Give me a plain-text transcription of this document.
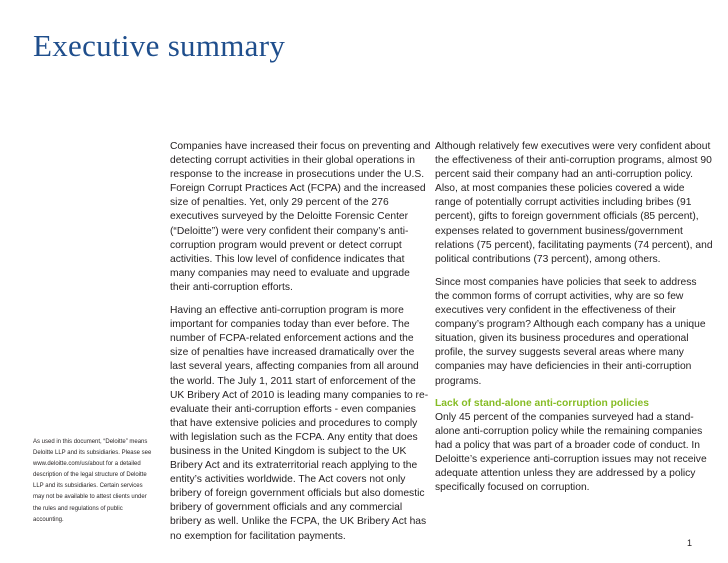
Executive summary

Companies have increased their focus on preventing and detecting corrupt activities in their global operations in response to the increase in prosecutions under the U.S. Foreign Corrupt Practices Act (FCPA) and the increased size of penalties. Yet, only 29 percent of the 276 executives surveyed by the Deloitte Forensic Center (“Deloitte”) were very confident their company’s anti-corruption program would prevent or detect corrupt activities. This low level of confidence indicates that many companies may need to evaluate and upgrade their anti-corruption efforts.

Having an effective anti-corruption program is more important for companies today than ever before. The number of FCPA-related enforcement actions and the size of penalties have increased dramatically over the last several years, affecting companies from all around the world. The July 1, 2011 start of enforcement of the UK Bribery Act of 2010 is leading many companies to re-evaluate their anti-corruption efforts - even companies that have extensive policies and procedures to comply with legislation such as the FCPA. Any entity that does business in the United Kingdom is subject to the UK Bribery Act and its extraterritorial reach applying to the entity’s activities worldwide. The Act covers not only bribery of foreign government officials but also domestic bribery of government officials and any commercial bribery as well. Unlike the FCPA, the UK Bribery Act has no exemption for facilitation payments.

Although relatively few executives were very confident about the effectiveness of their anti-corruption programs, almost 90 percent said their company had an anti-corruption policy. Also, at most companies these policies covered a wide range of potentially corrupt activities including bribes (91 percent), gifts to foreign government officials (85 percent), expenses related to government business/government relations (75 percent), facilitating payments (74 percent), and political contributions (73 percent), among others.

Since most companies have policies that seek to address the common forms of corrupt activities, why are so few executives very confident in the effectiveness of their company’s program? Although each company has a unique situation, given its business procedures and operational profile, the survey suggests several areas where many companies may have deficiencies in their anti-corruption programs.

Lack of stand-alone anti-corruption policies

Only 45 percent of the companies surveyed had a stand-alone anti-corruption policy while the remaining companies had a policy that was part of a broader code of conduct. In Deloitte’s experience anti-corruption issues may not receive adequate attention unless they are addressed by a policy specifically focused on corruption.

As used in this document, “Deloitte” means Deloitte LLP and its subsidiaries. Please see www.deloitte.com/us/about for a detailed description of the legal structure of Deloitte LLP and its subsidiaries. Certain services may not be available to attest clients under the rules and regulations of public accounting.

1
